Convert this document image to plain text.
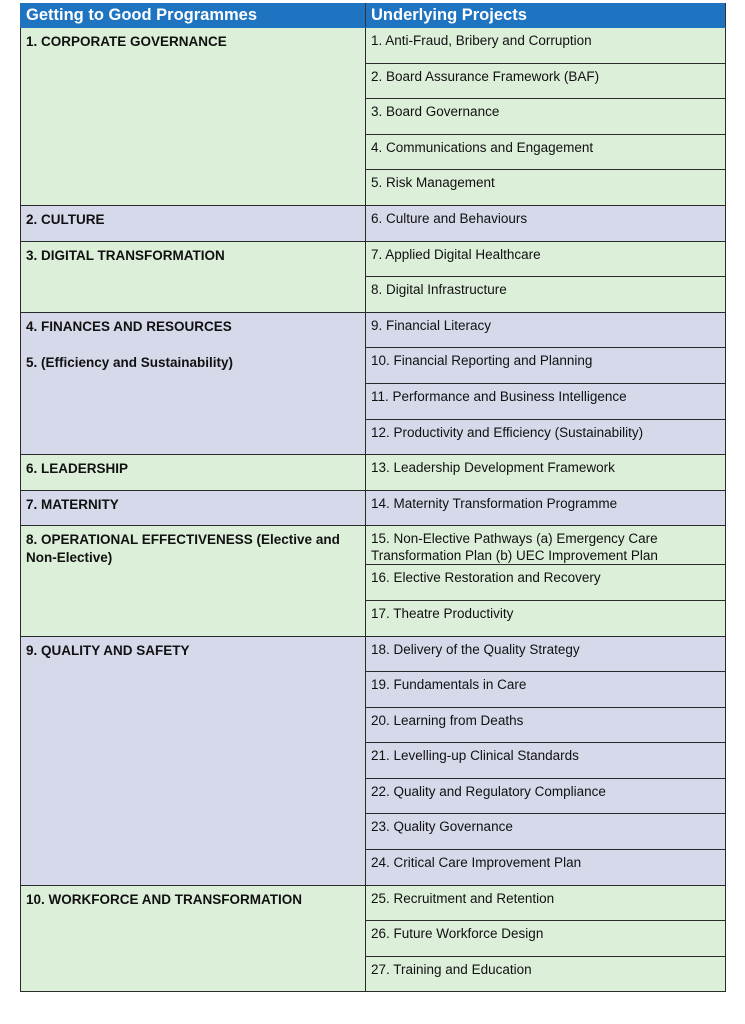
Getting to Good Programmes	Underlying Projects
1. CORPORATE GOVERNANCE	1. Anti-Fraud, Bribery and Corruption
	2. Board Assurance Framework (BAF)
	3. Board Governance
	4. Communications and Engagement
	5. Risk Management
2. CULTURE	6. Culture and Behaviours
3. DIGITAL TRANSFORMATION	7. Applied Digital Healthcare
	8. Digital Infrastructure
4. FINANCES AND RESOURCES
5. (Efficiency and Sustainability)	9. Financial Literacy
	10. Financial Reporting and Planning
	11. Performance and Business Intelligence
	12. Productivity and Efficiency (Sustainability)
6. LEADERSHIP	13. Leadership Development Framework
7. MATERNITY	14. Maternity Transformation Programme
8. OPERATIONAL EFFECTIVENESS (Elective and Non-Elective)	15. Non-Elective Pathways (a) Emergency Care Transformation Plan (b) UEC Improvement Plan
	16. Elective Restoration and Recovery
	17. Theatre Productivity
9. QUALITY AND SAFETY	18. Delivery of the Quality Strategy
	19. Fundamentals in Care
	20. Learning from Deaths
	21. Levelling-up Clinical Standards
	22. Quality and Regulatory Compliance
	23. Quality Governance
	24. Critical Care Improvement Plan
10. WORKFORCE AND TRANSFORMATION	25. Recruitment and Retention
	26. Future Workforce Design
	27. Training and Education
